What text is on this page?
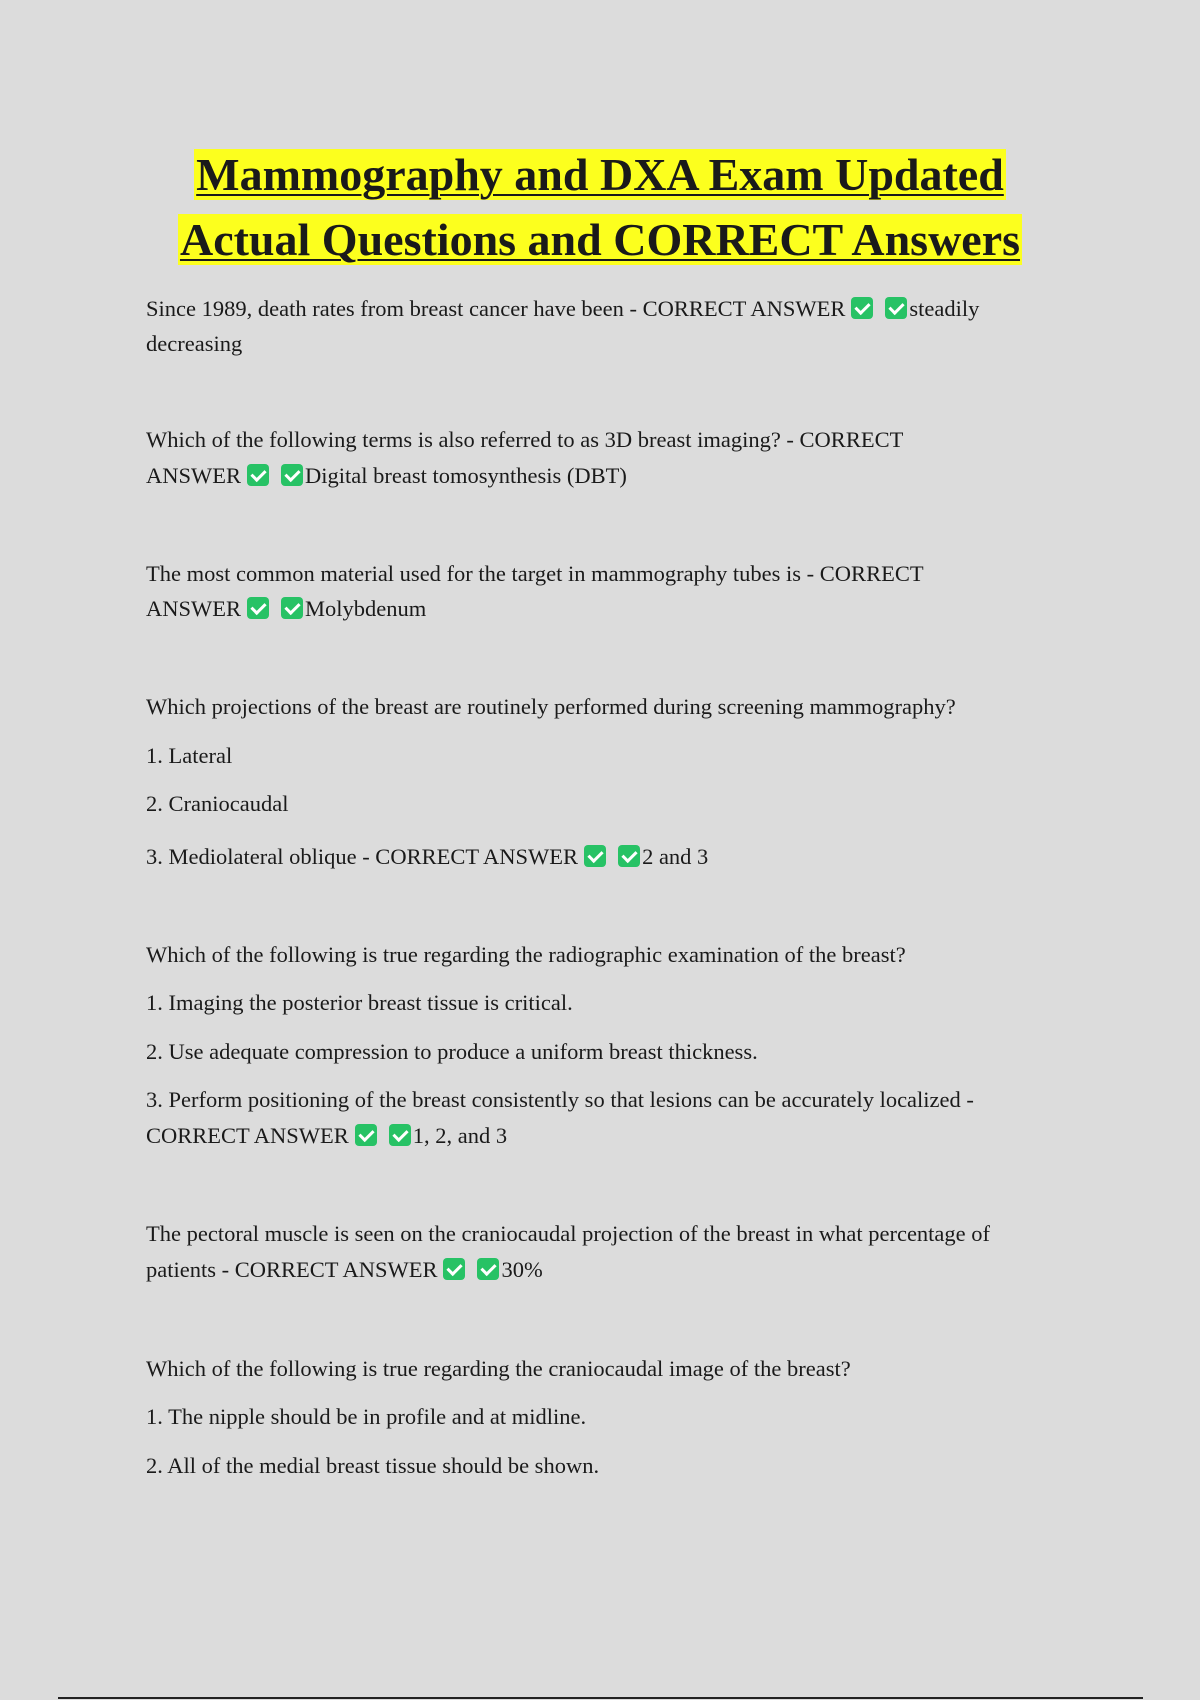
Mammography and DXA Exam Updated
Actual Questions and CORRECT Answers

Since 1989, death rates from breast cancer have been - CORRECT ANSWER	steadily

decreasing

Which of the following terms is also referred to as 3D breast imaging? - CORRECT

ANSWER	Digital breast tomosynthesis (DBT)

The most common material used for the target in mammography tubes is - CORRECT

ANSWER	Molybdenum

Which projections of the breast are routinely performed during screening mammography?

1. Lateral

2. Craniocaudal

3. Mediolateral oblique - CORRECT ANSWER	2 and 3

Which of the following is true regarding the radiographic examination of the breast?

1. Imaging the posterior breast tissue is critical.

2. Use adequate compression to produce a uniform breast thickness.

3. Perform positioning of the breast consistently so that lesions can be accurately localized -

CORRECT ANSWER	1, 2, and 3

The pectoral muscle is seen on the craniocaudal projection of the breast in what percentage of

patients - CORRECT ANSWER	30%

Which of the following is true regarding the craniocaudal image of the breast?

1. The nipple should be in profile and at midline.

2. All of the medial breast tissue should be shown.
